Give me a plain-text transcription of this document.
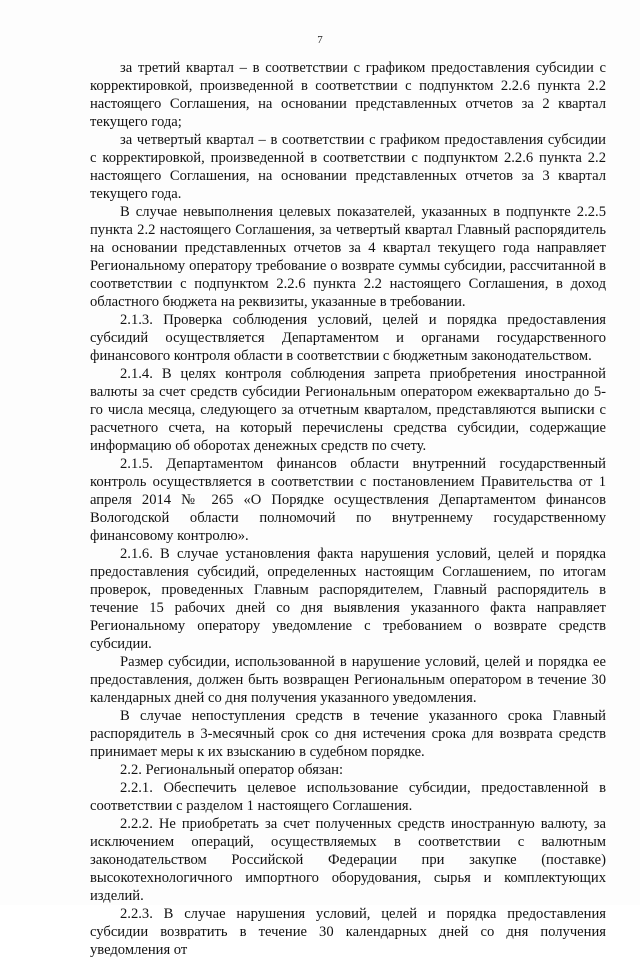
7

за третий квартал – в соответствии с графиком предоставления субсидии с корректировкой, произведенной в соответствии с подпунктом 2.2.6 пункта 2.2 настоящего Соглашения, на основании представленных отчетов за 2 квартал текущего года;

за четвертый квартал – в соответствии с графиком предоставления субсидии с корректировкой, произведенной в соответствии с подпунктом 2.2.6 пункта 2.2 настоящего Соглашения, на основании представленных отчетов за 3 квартал текущего года.

В случае невыполнения целевых показателей, указанных в подпункте 2.2.5 пункта 2.2 настоящего Соглашения, за четвертый квартал Главный распорядитель на основании представленных отчетов за 4 квартал текущего года направляет Региональному оператору требование о возврате суммы субсидии, рассчитанной в соответствии с подпунктом 2.2.6 пункта 2.2 настоящего Соглашения, в доход областного бюджета на реквизиты, указанные в требовании.

2.1.3. Проверка соблюдения условий, целей и порядка предоставления субсидий осуществляется Департаментом и органами государственного финансового контроля области в соответствии с бюджетным законодательством.

2.1.4. В целях контроля соблюдения запрета приобретения иностранной валюты за счет средств субсидии Региональным оператором ежеквартально до 5-го числа месяца, следующего за отчетным кварталом, представляются выписки с расчетного счета, на который перечислены средства субсидии, содержащие информацию об оборотах денежных средств по счету.

2.1.5. Департаментом финансов области внутренний государственный контроль осуществляется в соответствии с постановлением Правительства от 1 апреля 2014 № 265 «О Порядке осуществления Департаментом финансов Вологодской области полномочий по внутреннему государственному финансовому контролю».

2.1.6. В случае установления факта нарушения условий, целей и порядка предоставления субсидий, определенных настоящим Соглашением, по итогам проверок, проведенных Главным распорядителем, Главный распорядитель в течение 15 рабочих дней со дня выявления указанного факта направляет Региональному оператору уведомление с требованием о возврате средств субсидии.

Размер субсидии, использованной в нарушение условий, целей и порядка ее предоставления, должен быть возвращен Региональным оператором в течение 30 календарных дней со дня получения указанного уведомления.

В случае непоступления средств в течение указанного срока Главный распорядитель в 3-месячный срок со дня истечения срока для возврата средств принимает меры к их взысканию в судебном порядке.

2.2. Региональный оператор обязан:

2.2.1. Обеспечить целевое использование субсидии, предоставленной в соответствии с разделом 1 настоящего Соглашения.

2.2.2. Не приобретать за счет полученных средств иностранную валюту, за исключением операций, осуществляемых в соответствии с валютным законодательством Российской Федерации при закупке (поставке) высокотехнологичного импортного оборудования, сырья и комплектующих изделий.

2.2.3. В случае нарушения условий, целей и порядка предоставления субсидии возвратить в течение 30 календарных дней со дня получения уведомления от
